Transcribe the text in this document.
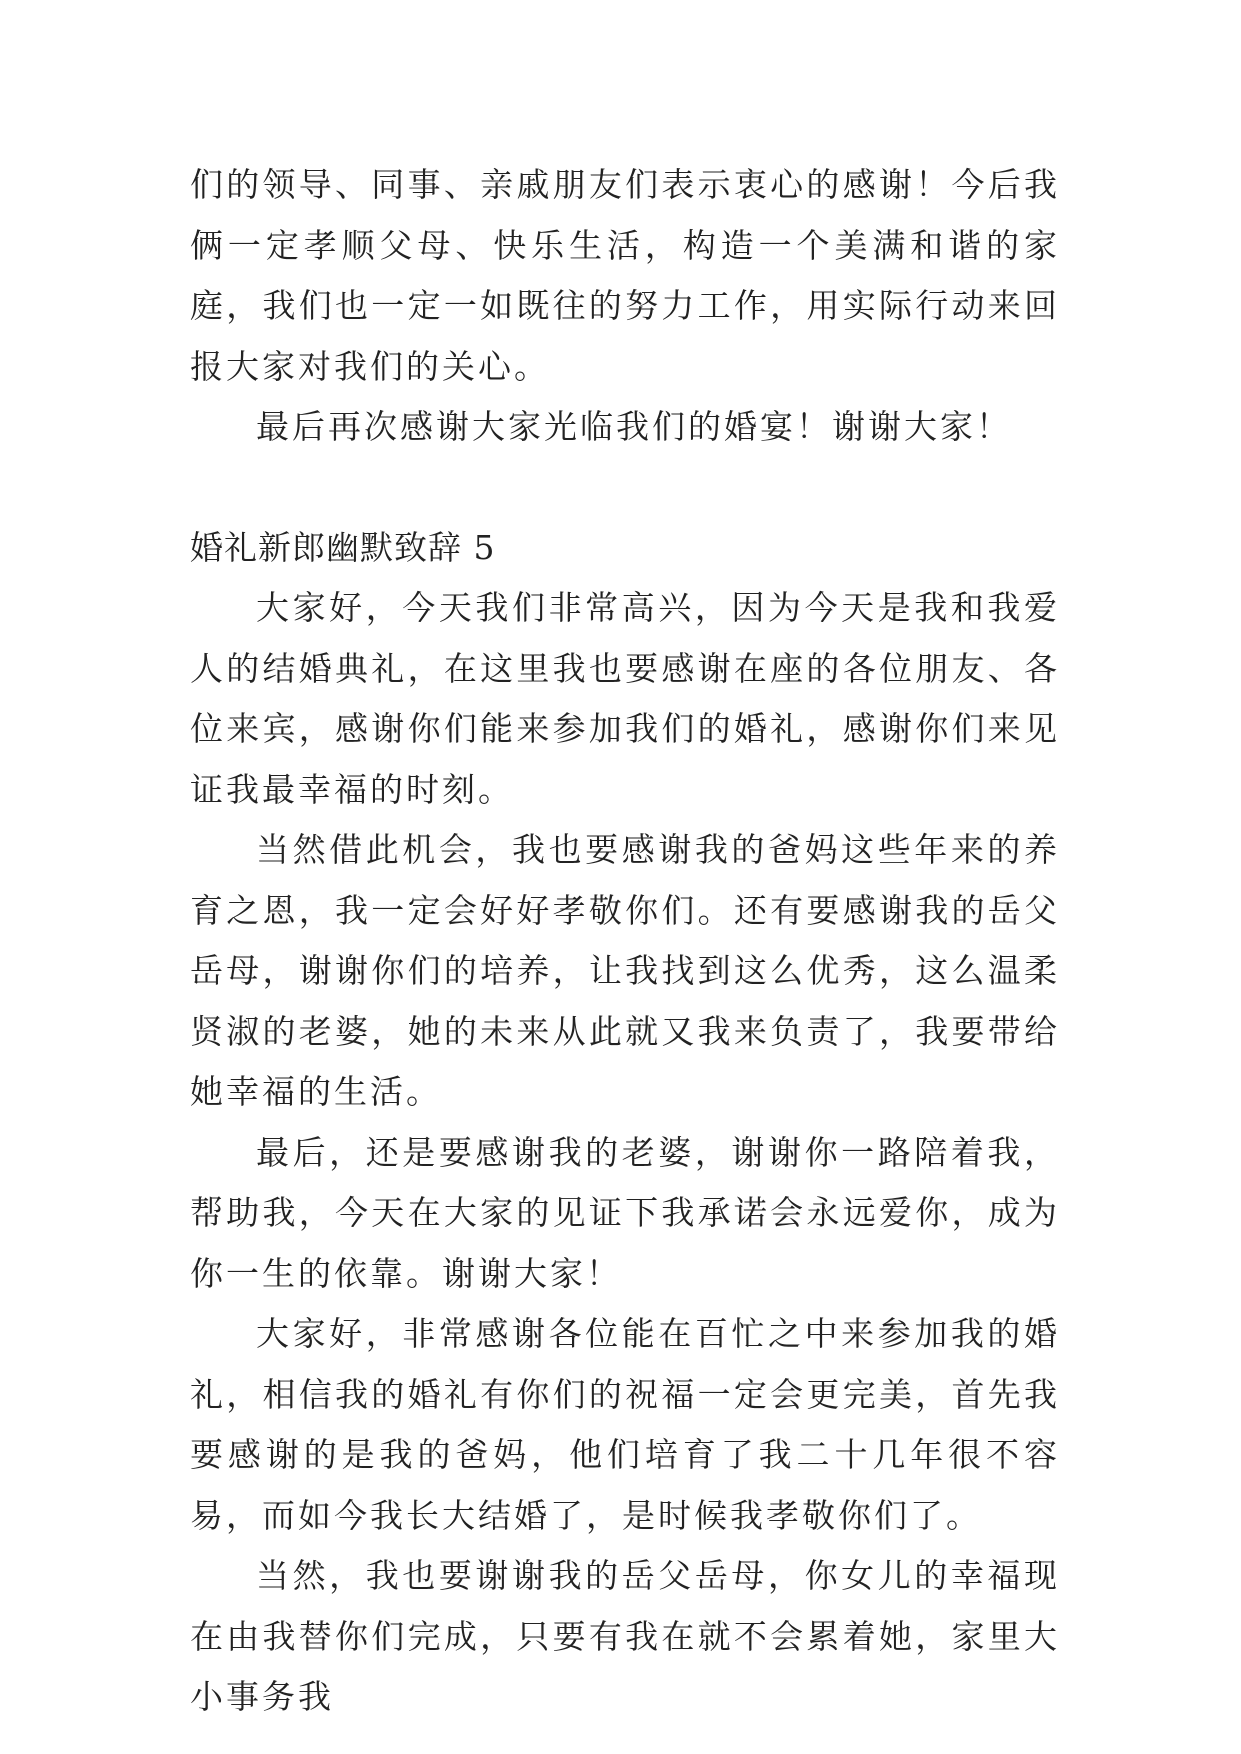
们的领导、同事、亲戚朋友们表示衷心的感谢！今后我俩一定孝顺父母、快乐生活，构造一个美满和谐的家庭，我们也一定一如既往的努力工作，用实际行动来回报大家对我们的关心。

最后再次感谢大家光临我们的婚宴！谢谢大家！

婚礼新郎幽默致辞 5

大家好，今天我们非常高兴，因为今天是我和我爱人的结婚典礼，在这里我也要感谢在座的各位朋友、各位来宾，感谢你们能来参加我们的婚礼，感谢你们来见证我最幸福的时刻。

当然借此机会，我也要感谢我的爸妈这些年来的养育之恩，我一定会好好孝敬你们。还有要感谢我的岳父岳母，谢谢你们的培养，让我找到这么优秀，这么温柔贤淑的老婆，她的未来从此就又我来负责了，我要带给她幸福的生活。

最后，还是要感谢我的老婆，谢谢你一路陪着我，帮助我，今天在大家的见证下我承诺会永远爱你，成为你一生的依靠。谢谢大家！

大家好，非常感谢各位能在百忙之中来参加我的婚礼，相信我的婚礼有你们的祝福一定会更完美，首先我要感谢的是我的爸妈，他们培育了我二十几年很不容易，而如今我长大结婚了，是时候我孝敬你们了。

当然，我也要谢谢我的岳父岳母，你女儿的幸福现在由我替你们完成，只要有我在就不会累着她，家里大小事务我
